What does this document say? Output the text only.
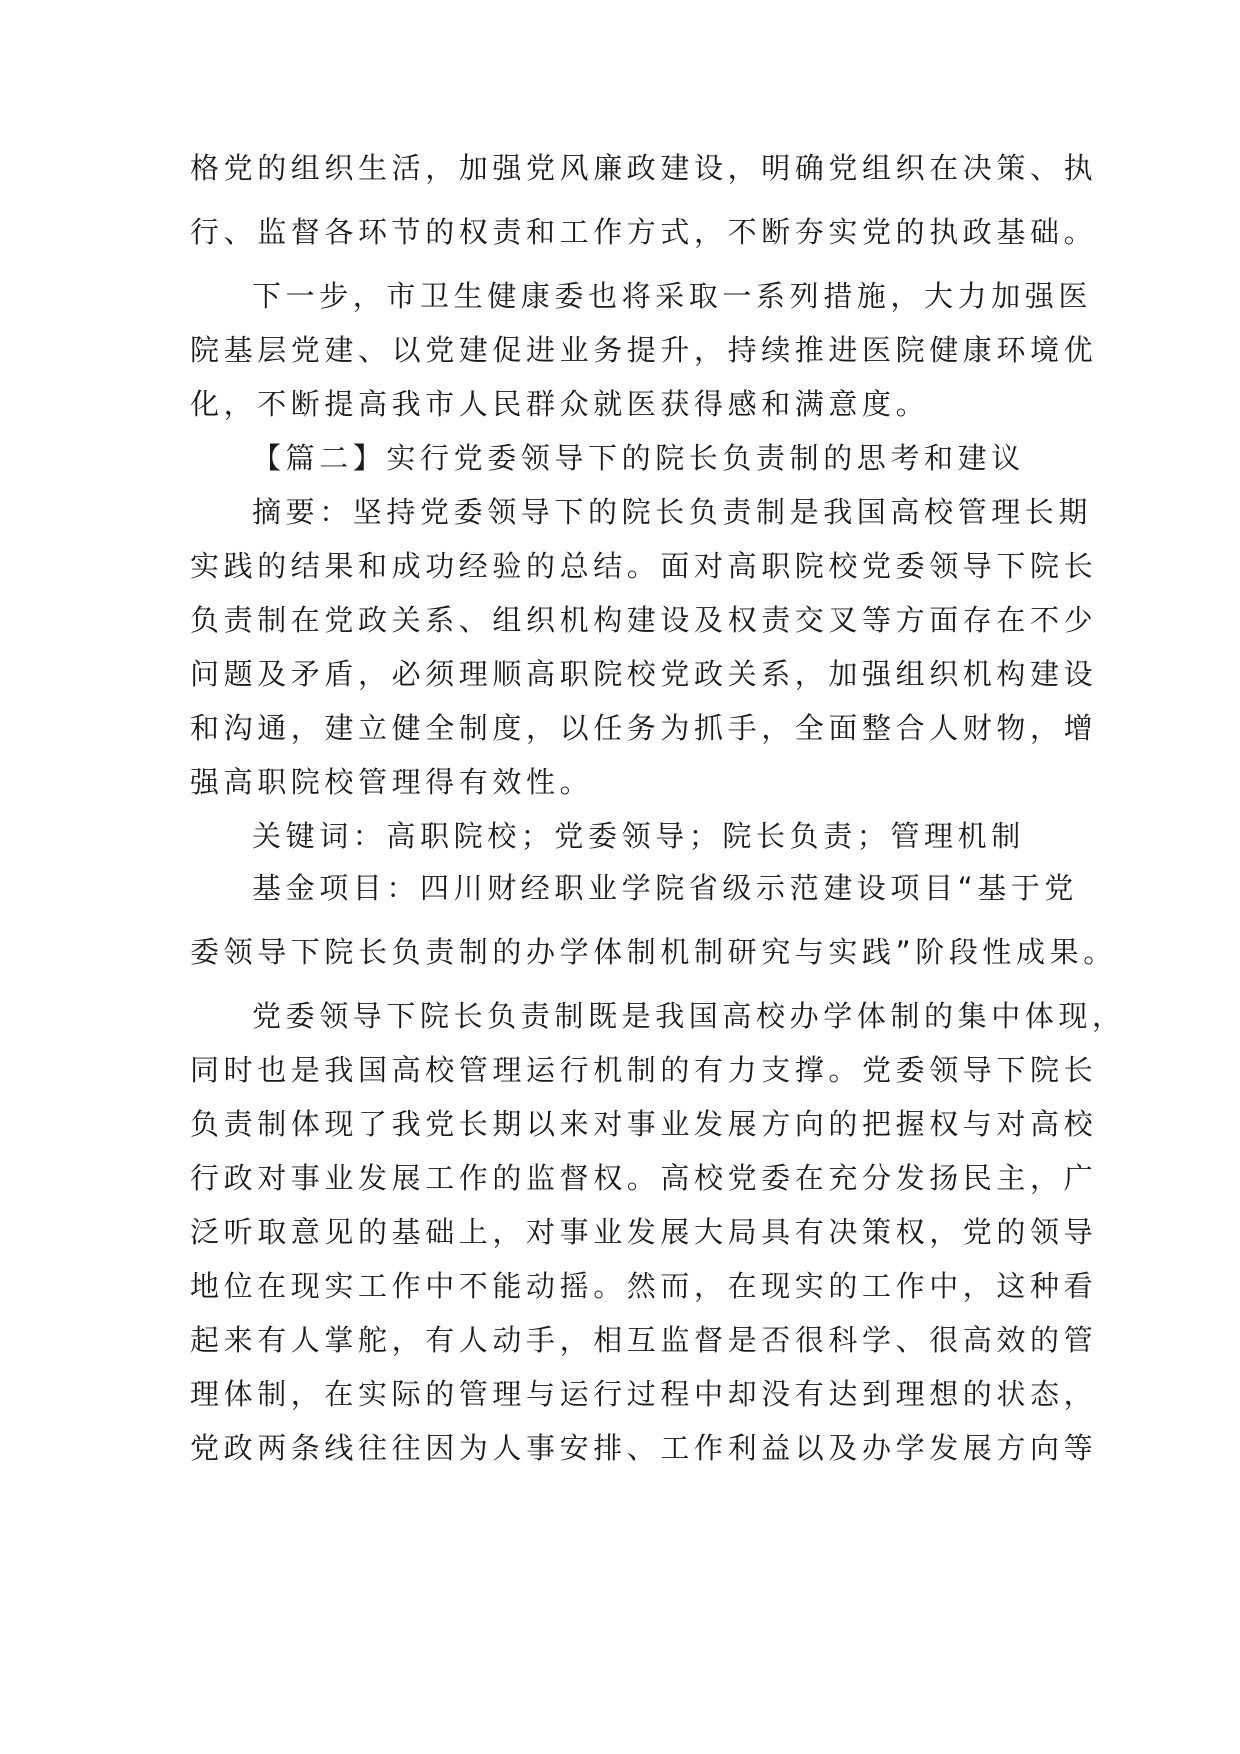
格党的组织生活，加强党风廉政建设，明确党组织在决策、执
行、监督各环节的权责和工作方式，不断夯实党的执政基础。
下一步，市卫生健康委也将采取一系列措施，大力加强医
院基层党建、以党建促进业务提升，持续推进医院健康环境优
化，不断提高我市人民群众就医获得感和满意度。
【篇二】实行党委领导下的院长负责制的思考和建议
摘要：坚持党委领导下的院长负责制是我国高校管理长期
实践的结果和成功经验的总结。面对高职院校党委领导下院长
负责制在党政关系、组织机构建设及权责交叉等方面存在不少
问题及矛盾，必须理顺高职院校党政关系，加强组织机构建设
和沟通，建立健全制度，以任务为抓手，全面整合人财物，增
强高职院校管理得有效性。
关键词：高职院校；党委领导；院长负责；管理机制
基金项目：四川财经职业学院省级示范建设项目“基于党
委领导下院长负责制的办学体制机制研究与实践”阶段性成果。
党委领导下院长负责制既是我国高校办学体制的集中体现，
同时也是我国高校管理运行机制的有力支撑。党委领导下院长
负责制体现了我党长期以来对事业发展方向的把握权与对高校
行政对事业发展工作的监督权。高校党委在充分发扬民主，广
泛听取意见的基础上，对事业发展大局具有决策权，党的领导
地位在现实工作中不能动摇。然而，在现实的工作中，这种看
起来有人掌舵，有人动手，相互监督是否很科学、很高效的管
理体制，在实际的管理与运行过程中却没有达到理想的状态，
党政两条线往往因为人事安排、工作利益以及办学发展方向等
